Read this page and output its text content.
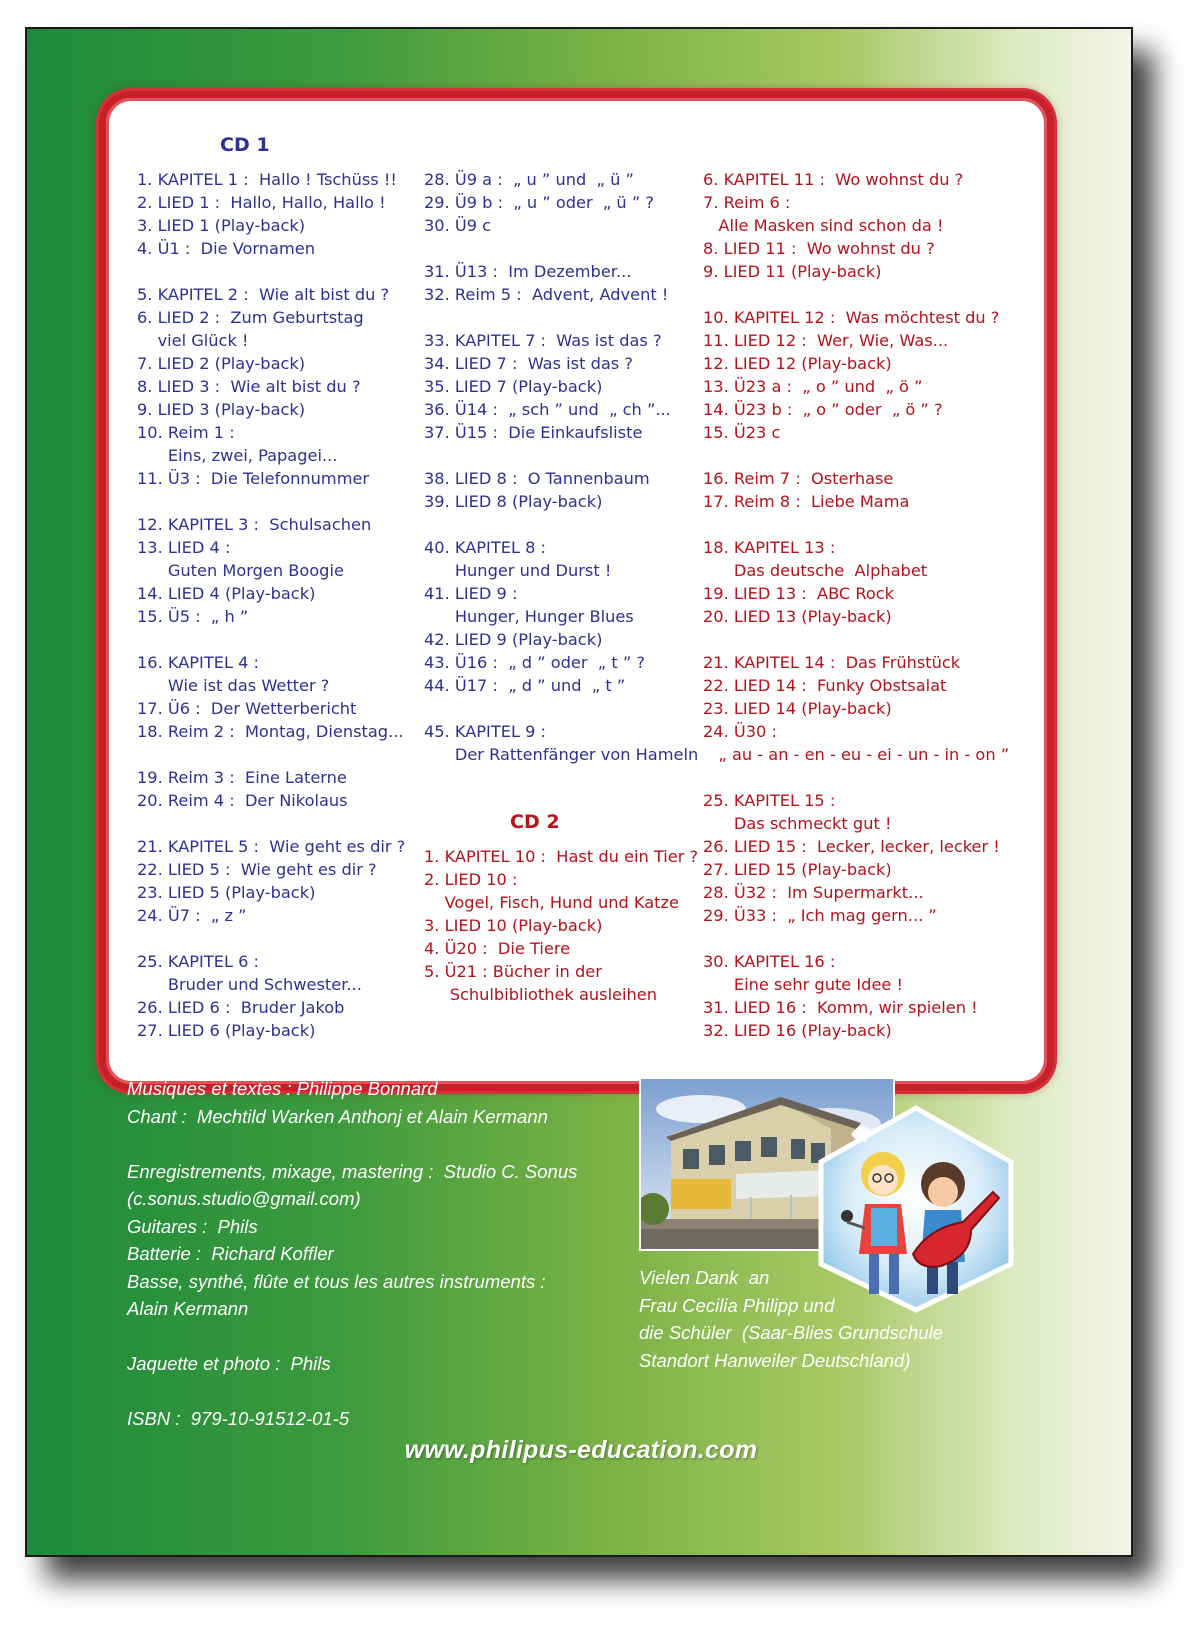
CD 1
1. KAPITEL 1 :  Hallo ! Tschüss !!
2. LIED 1 :  Hallo, Hallo, Hallo !
3. LIED 1 (Play-back)
4. Ü1 :  Die Vornamen
5. KAPITEL 2 :  Wie alt bist du ?
6. LIED 2 :  Zum Geburtstag
viel Glück !
7. LIED 2 (Play-back)
8. LIED 3 :  Wie alt bist du ?
9. LIED 3 (Play-back)
10. Reim 1 :
Eins, zwei, Papagei...
11. Ü3 :  Die Telefonnummer
12. KAPITEL 3 :  Schulsachen
13. LIED 4 :
Guten Morgen Boogie
14. LIED 4 (Play-back)
15. Ü5 :  „ h ”
16. KAPITEL 4 :
Wie ist das Wetter ?
17. Ü6 :  Der Wetterbericht
18. Reim 2 :  Montag, Dienstag...
19. Reim 3 :  Eine Laterne
20. Reim 4 :  Der Nikolaus
21. KAPITEL 5 :  Wie geht es dir ?
22. LIED 5 :  Wie geht es dir ?
23. LIED 5 (Play-back)
24. Ü7 :  „ z ”
25. KAPITEL 6 :
Bruder und Schwester...
26. LIED 6 :  Bruder Jakob
27. LIED 6 (Play-back)
28. Ü9 a :  „ u ” und  „ ü ”
29. Ü9 b :  „ u ” oder  „ ü ” ?
30. Ü9 c
31. Ü13 :  Im Dezember...
32. Reim 5 :  Advent, Advent !
33. KAPITEL 7 :  Was ist das ?
34. LIED 7 :  Was ist das ?
35. LIED 7 (Play-back)
36. Ü14 :  „ sch ” und  „ ch ”...
37. Ü15 :  Die Einkaufsliste
38. LIED 8 :  O Tannenbaum
39. LIED 8 (Play-back)
40. KAPITEL 8 :
Hunger und Durst !
41. LIED 9 :
Hunger, Hunger Blues
42. LIED 9 (Play-back)
43. Ü16 :  „ d ” oder  „ t ” ?
44. Ü17 :  „ d ” und  „ t ”
45. KAPITEL 9 :
Der Rattenfänger von Hameln
CD 2
1. KAPITEL 10 :  Hast du ein Tier ?
2. LIED 10 :
Vogel, Fisch, Hund und Katze
3. LIED 10 (Play-back)
4. Ü20 :  Die Tiere
5. Ü21 : Bücher in der
Schulbibliothek ausleihen
6. KAPITEL 11 :  Wo wohnst du ?
7. Reim 6 :
Alle Masken sind schon da !
8. LIED 11 :  Wo wohnst du ?
9. LIED 11 (Play-back)
10. KAPITEL 12 :  Was möchtest du ?
11. LIED 12 :  Wer, Wie, Was...
12. LIED 12 (Play-back)
13. Ü23 a :  „ o ” und  „ ö ”
14. Ü23 b :  „ o ” oder  „ ö ” ?
15. Ü23 c
16. Reim 7 :  Osterhase
17. Reim 8 :  Liebe Mama
18. KAPITEL 13 :
Das deutsche  Alphabet
19. LIED 13 :  ABC Rock
20. LIED 13 (Play-back)
21. KAPITEL 14 :  Das Frühstück
22. LIED 14 :  Funky Obstsalat
23. LIED 14 (Play-back)
24. Ü30 :
„ au - an - en - eu - ei - un - in - on ”
25. KAPITEL 15 :
Das schmeckt gut !
26. LIED 15 :  Lecker, lecker, lecker !
27. LIED 15 (Play-back)
28. Ü32 :  Im Supermarkt...
29. Ü33 :  „ Ich mag gern... ”
30. KAPITEL 16 :
Eine sehr gute Idee !
31. LIED 16 :  Komm, wir spielen !
32. LIED 16 (Play-back)
Musiques et textes : Philippe Bonnard
Chant :  Mechtild Warken Anthonj et Alain Kermann
Enregistrements, mixage, mastering :  Studio C. Sonus
(c.sonus.studio@gmail.com)
Guitares :  Phils
Batterie :  Richard Koffler
Basse, synthé, flûte et tous les autres instruments :
Alain Kermann
Jaquette et photo :  Phils
ISBN :  979-10-91512-01-5
Vielen Dank  an
Frau Cecilia Philipp und
die Schüler  (Saar-Blies Grundschule
Standort Hanweiler Deutschland)
www.philipus-education.com
